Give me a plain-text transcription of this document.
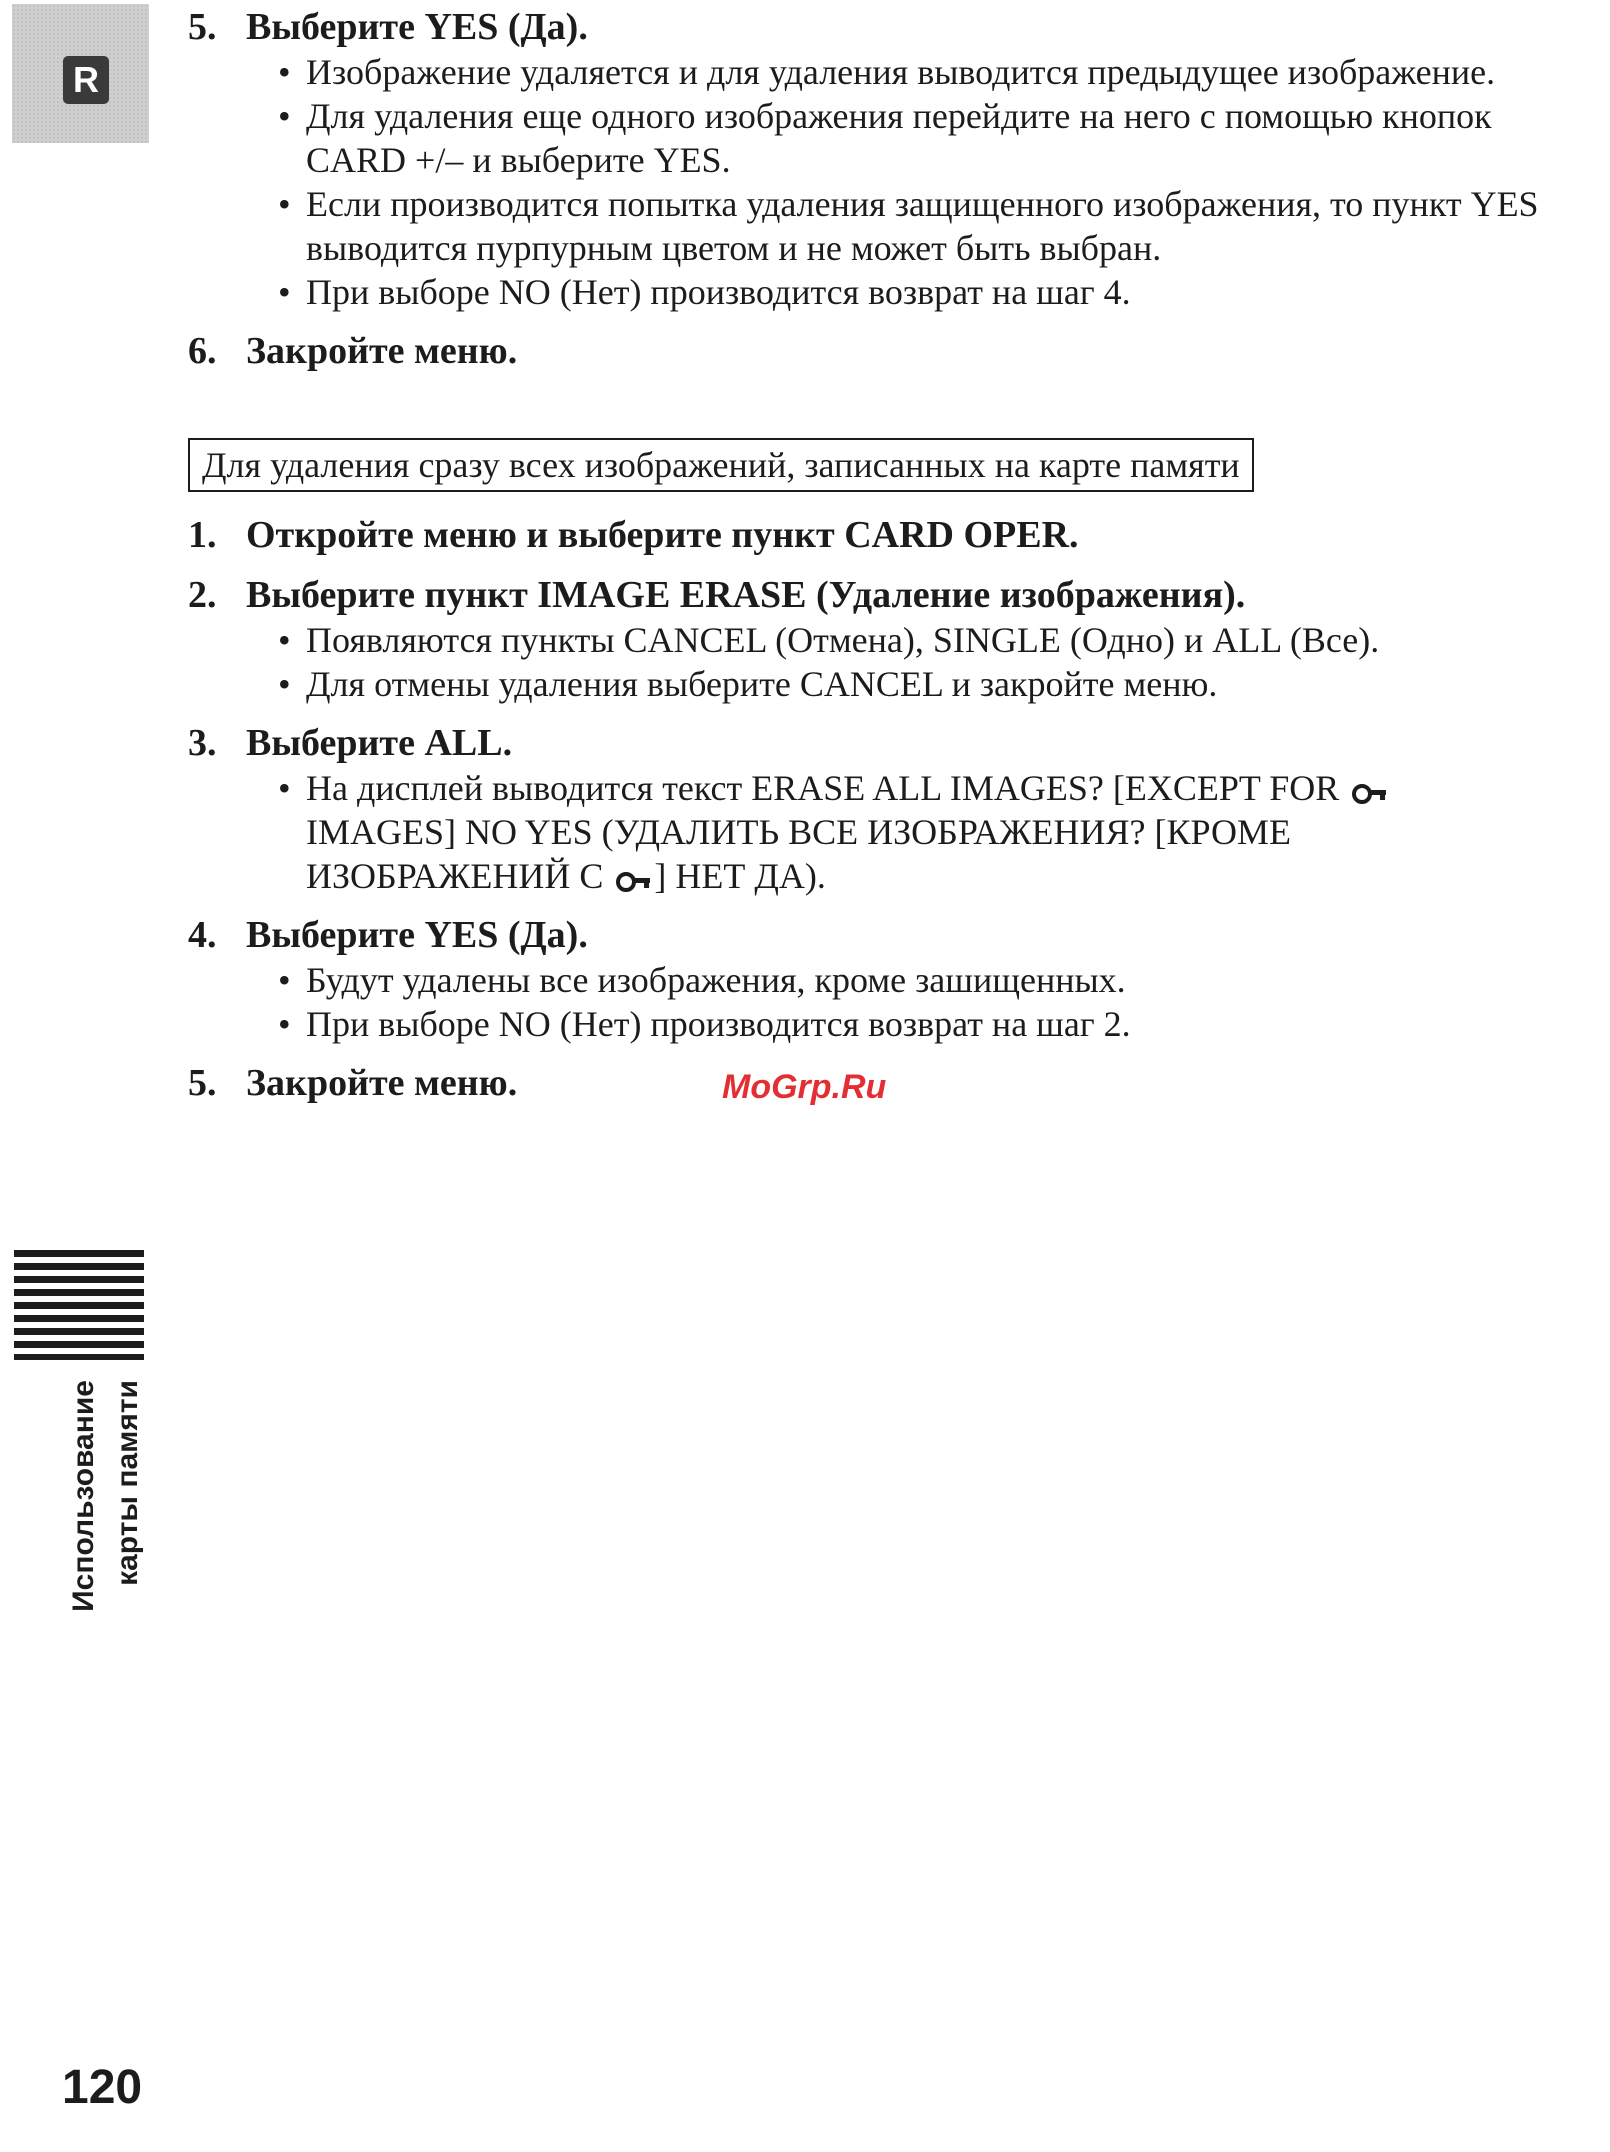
R
Использование карты памяти
120
5. Выберите YES (Да).
• Изображение удаляется и для удаления выводится предыдущее изображение.
• Для удаления еще одного изображения перейдите на него с помощью кнопок CARD +/– и выберите YES.
• Если производится попытка удаления защищенного изображения, то пункт YES выводится пурпурным цветом и не может быть выбран.
• При выборе NO (Нет) производится возврат на шаг 4.
6. Закройте меню.
Для удаления сразу всех изображений, записанных на карте памяти
1. Откройте меню и выберите пункт CARD OPER.
2. Выберите пункт IMAGE ERASE (Удаление изображения).
• Появляются пункты CANCEL (Отмена), SINGLE (Одно) и ALL (Все).
• Для отмены удаления выберите CANCEL и закройте меню.
3. Выберите ALL.
• На дисплей выводится текст ERASE ALL IMAGES? [EXCEPT FOR
IMAGES] NO YES (УДАЛИТЬ ВСЕ ИЗОБРАЖЕНИЯ? [КРОМЕ ИЗОБРАЖЕНИЙ С ] НЕТ ДА).
4. Выберите YES (Да).
• Будут удалены все изображения, кроме зашищенных.
• При выборе NO (Нет) производится возврат на шаг 2.
5. Закройте меню.	MoGrp.Ru
